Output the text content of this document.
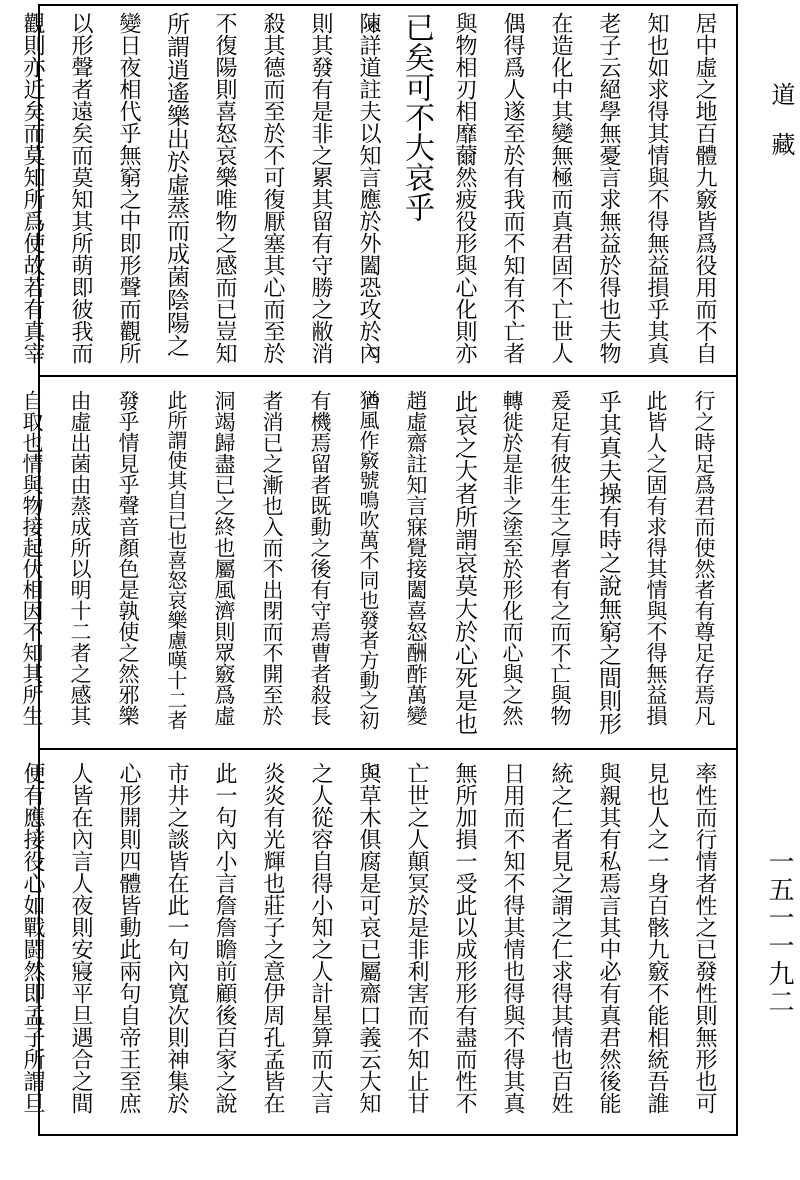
居中虛之地百體九竅皆爲役用而不自
知也如求得其情與不得無益損乎其真
老子云絕學無憂言求無益於得也夫物
在造化中其變無極而真君固不亡世人
偶得爲人遂至於有我而不知有不亡者
與物相刃相靡薾然疲役形與心化則亦
已矣可不大哀乎
陳詳道註夫以知言應於外闔恐攻於內
則其發有是非之累其留有守勝之敝消
殺其德而至於不可復厭塞其心而至於
不復陽則喜怒哀樂唯物之感而已豈知
所謂逍遙樂出於虛蒸而成菌陰陽之
變日夜相代乎無窮之中即形聲而觀所
以形聲者遠矣而莫知其所萌即彼我而
觀則亦近矣而莫知所爲使故若有真宰
行之時足爲君而使然者有尊足存焉凡
此皆人之固有求得其情與不得無益損
乎其真夫操有時之說無窮之間則形
爰足有彼生生之厚者有之而不亡與物
轉徙於是非之塗至於形化而心與之然
此哀之大者所謂哀莫大於心死是也
趙虛齋註知言寐覺接闔喜怒酬酢萬變
猶風作竅號鳴吹萬不同也發者方動之初
有機焉留者既動之後有守焉曹者殺長
者消已之漸也入而不出閉而不開至於
洞竭歸盡已之終也屬風濟則眾竅爲虛
此所謂使其自已也喜怒哀樂慮嘆十二者
發乎情見乎聲音顏色是孰使之然邪樂
由虛出菌由蒸成所以明十二者之感其
自取也情與物接起伏相因不知其所生
率性而行情者性之已發性則無形也可
見也人之一身百骸九竅不能相統吾誰
與親其有私焉言其中必有真君然後能
統之仁者見之謂之仁求得其情也百姓
日用而不知不得其情也得與不得其真
無所加損一受此以成形形有盡而性不
亡世之人顛冥於是非利害而不知止甘
與草木俱腐是可哀已屬齋口義云大知
之人從容自得小知之人計星算而大言
炎炎有光輝也莊子之意伊周孔孟皆在
此一句內小言詹詹瞻前顧後百家之說
市井之談皆在此一句內寬次則神集於
心形開則四體皆動此兩句自帝王至庶
人皆在內言人夜則安寢平旦遇合之間
便有應接役心如戰闘然即孟子所謂旦
道藏
一五一一九二
